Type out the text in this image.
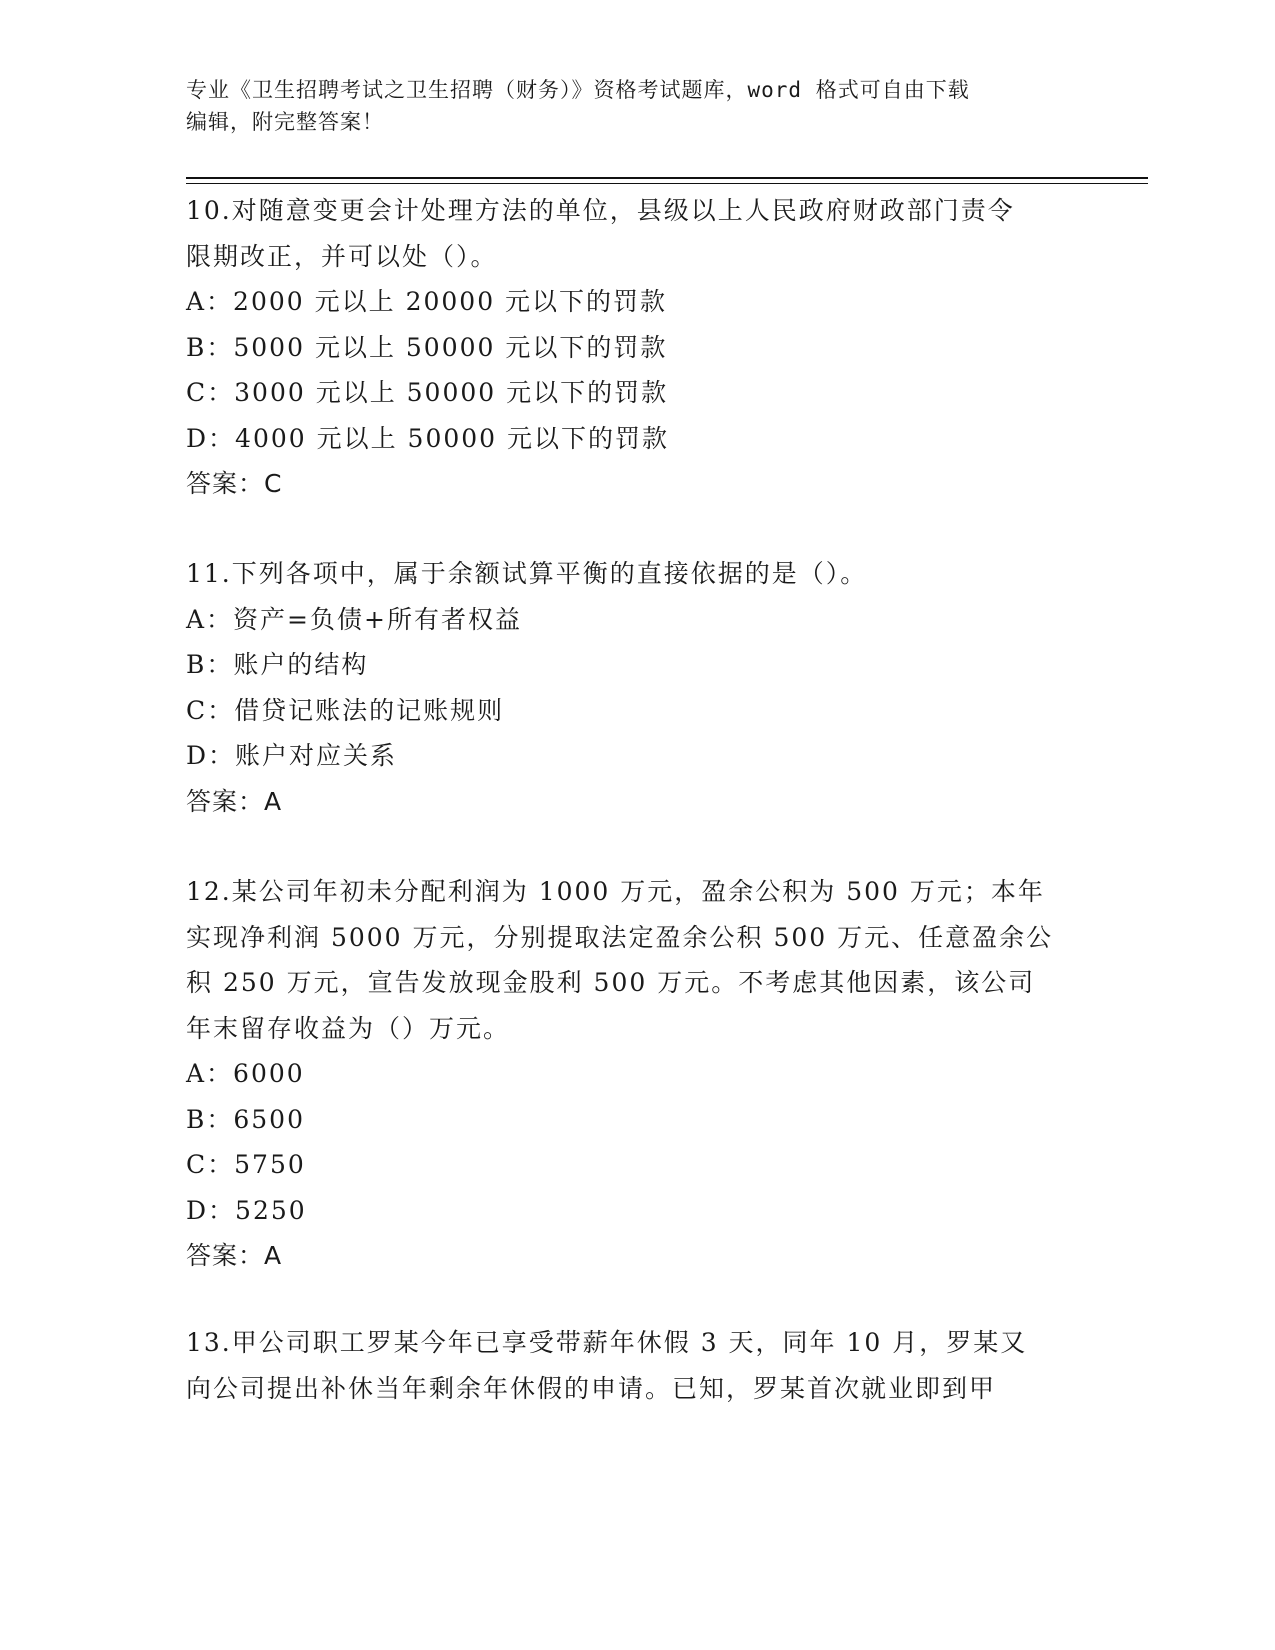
专业《卫生招聘考试之卫生招聘（财务）》资格考试题库，word 格式可自由下载
编辑，附完整答案！

10.对随意变更会计处理方法的单位，县级以上人民政府财政部门责令

限期改正，并可以处（）。

A：2000 元以上 20000 元以下的罚款

B：5000 元以上 50000 元以下的罚款

C：3000 元以上 50000 元以下的罚款

D：4000 元以上 50000 元以下的罚款

答案：C

11.下列各项中，属于余额试算平衡的直接依据的是（）。

A：资产=负债+所有者权益

B：账户的结构

C：借贷记账法的记账规则

D：账户对应关系

答案：A

12.某公司年初未分配利润为 1000 万元，盈余公积为 500 万元；本年

实现净利润 5000 万元，分别提取法定盈余公积 500 万元、任意盈余公

积 250 万元，宣告发放现金股利 500 万元。不考虑其他因素，该公司

年末留存收益为（）万元。

A：6000

B：6500

C：5750

D：5250

答案：A

13.甲公司职工罗某今年已享受带薪年休假 3 天，同年 10 月，罗某又

向公司提出补休当年剩余年休假的申请。已知，罗某首次就业即到甲
